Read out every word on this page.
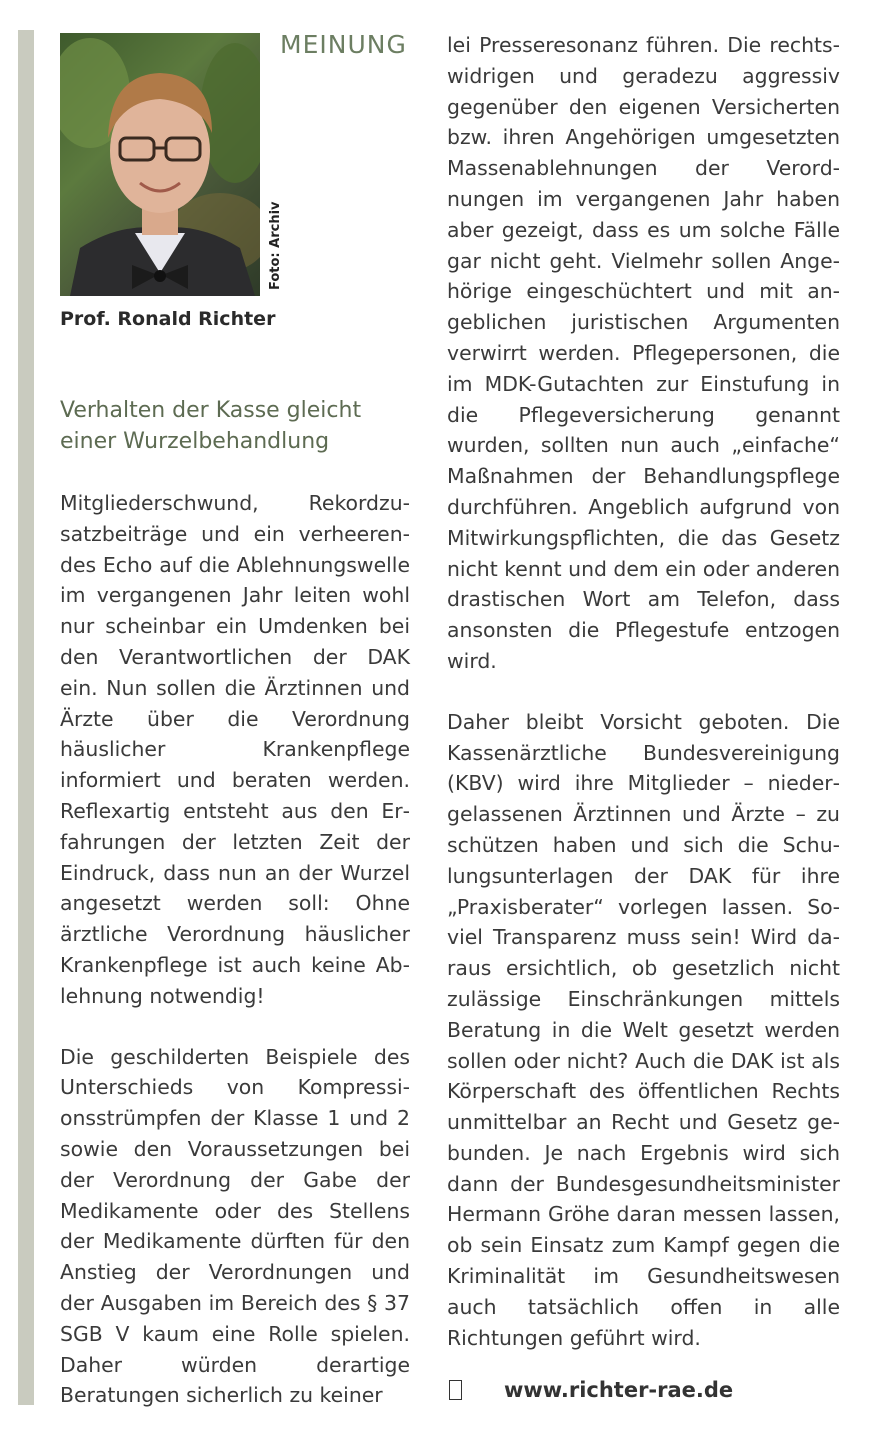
Foto: Archiv
MEINUNG
Prof. Ronald Richter
Verhalten der Kasse gleicht einer Wurzelbehandlung

Mitgliederschwund, Rekordzusatzbeiträge und ein verheerendes Echo auf die Ablehnungswelle im vergangenen Jahr leiten wohl nur scheinbar ein Umdenken bei den Verantwortlichen der DAK ein. Nun sollen die Ärztinnen und Ärzte über die Verordnung häuslicher Krankenpflege informiert und beraten werden. Reflexartig entsteht aus den Erfahrungen der letzten Zeit der Eindruck, dass nun an der Wurzel angesetzt werden soll: Ohne ärztliche Verordnung häuslicher Krankenpflege ist auch keine Ablehnung notwendig!

Die geschilderten Beispiele des Unterschieds von Kompressionsstrümpfen der Klasse 1 und 2 sowie den Voraussetzungen bei der Verordnung der Gabe der Medikamente oder des Stellens der Medikamente dürften für den Anstieg der Verordnungen und der Ausgaben im Bereich des § 37 SGB V kaum eine Rolle spielen. Daher würden derartige Beratungen sicherlich zu keiner

lei Presseresonanz führen. Die rechtswidrigen und geradezu aggressiv gegenüber den eigenen Versicherten bzw. ihren Angehörigen umgesetzten Massenablehnungen der Verordnungen im vergangenen Jahr haben aber gezeigt, dass es um solche Fälle gar nicht geht. Vielmehr sollen Angehörige eingeschüchtert und mit angeblichen juristischen Argumenten verwirrt werden. Pflegepersonen, die im MDK-Gutachten zur Einstufung in die Pflegeversicherung genannt wurden, sollten nun auch „einfache“ Maßnahmen der Behandlungspflege durchführen. Angeblich aufgrund von Mitwirkungspflichten, die das Gesetz nicht kennt und dem ein oder anderen drastischen Wort am Telefon, dass ansonsten die Pflegestufe entzogen wird.

Daher bleibt Vorsicht geboten. Die Kassenärztliche Bundesvereinigung (KBV) wird ihre Mitglieder – niedergelassenen Ärztinnen und Ärzte – zu schützen haben und sich die Schulungsunterlagen der DAK für ihre „Praxisberater“ vorlegen lassen. Soviel Transparenz muss sein! Wird daraus ersichtlich, ob gesetzlich nicht zulässige Einschränkungen mittels Beratung in die Welt gesetzt werden sollen oder nicht? Auch die DAK ist als Körperschaft des öffentlichen Rechts unmittelbar an Recht und Gesetz gebunden. Je nach Ergebnis wird sich dann der Bundesgesundheitsminister Hermann Gröhe daran messen lassen, ob sein Einsatz zum Kampf gegen die Kriminalität im Gesundheitswesen auch tatsächlich offen in alle Richtungen geführt wird.

www.richter-rae.de
